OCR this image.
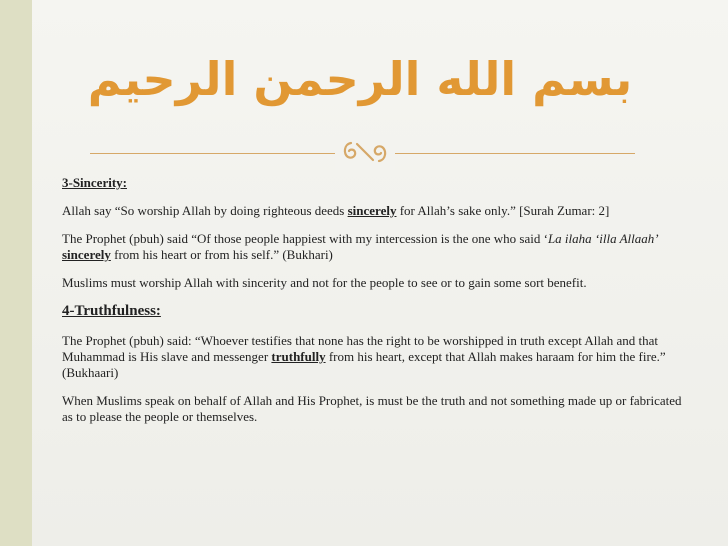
بسم الله الرحمن الرحيم
3-Sincerity:

Allah say “So worship Allah by doing righteous deeds sincerely for Allah’s sake only.” [Surah Zumar: 2]

The Prophet (pbuh) said “Of those people happiest with my intercession is the one who said ‘La ilaha ‘illa Allaah’ sincerely from his heart or from his self.” (Bukhari)

Muslims must worship Allah with sincerity and not for the people to see or to gain some sort benefit.

4-Truthfulness:

The Prophet (pbuh) said: “Whoever testifies that none has the right to be worshipped in truth except Allah and that Muhammad is His slave and messenger truthfully from his heart, except that Allah makes haraam for him the fire.” (Bukhaari)

When Muslims speak on behalf of Allah and His Prophet, is must be the truth and not something made up or fabricated as to please the people or themselves.
